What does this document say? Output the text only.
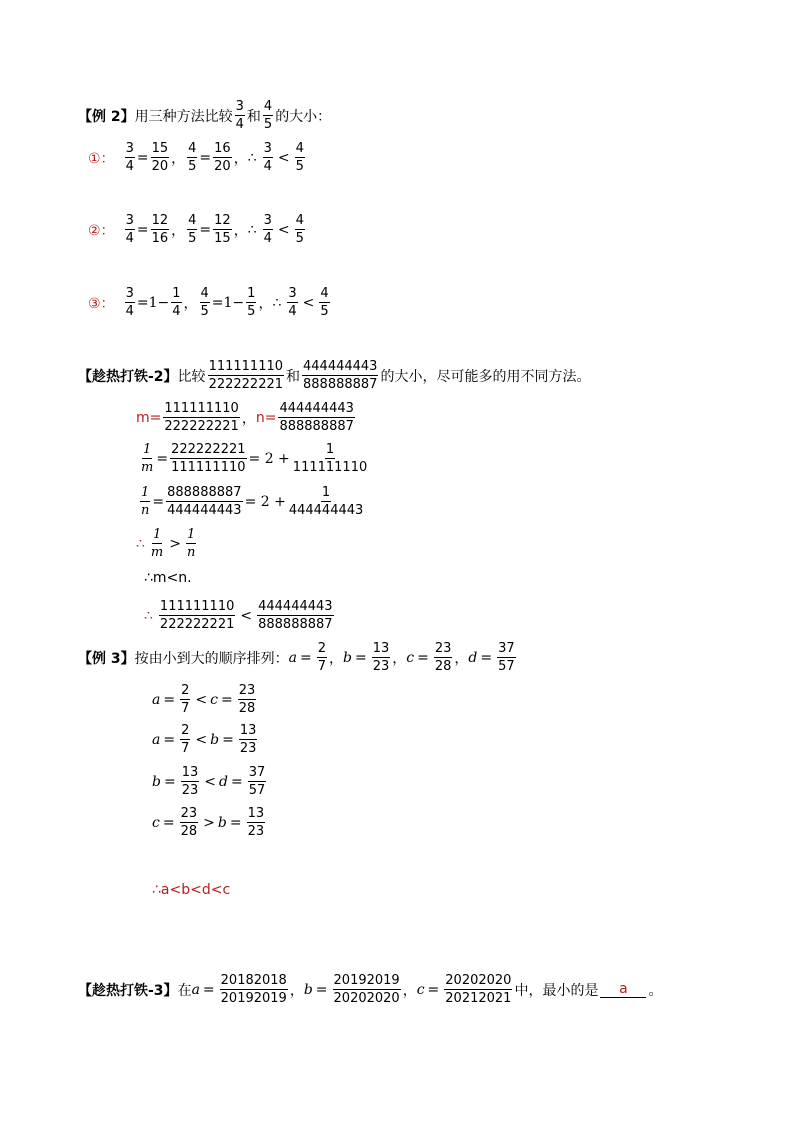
【例 2】 用三种方法比较 $\frac{3}{4}$ 和 $\frac{4}{5}$ 的大小：
①： $\frac{3}{4} = \frac{15}{20}$ ， $\frac{4}{5} = \frac{16}{20}$ ， ∴ $\frac{3}{4} < \frac{4}{5}$
②： $\frac{3}{4} = \frac{12}{16}$ ， $\frac{4}{5} = \frac{12}{15}$ ， ∴ $\frac{3}{4} < \frac{4}{5}$
③： $\frac{3}{4} =1- \frac{1}{4}$ ， $\frac{4}{5} =1- \frac{1}{5}$ ， ∴ $\frac{3}{4} < \frac{4}{5}$
【趁热打铁-2】 比较 $\frac{111111110}{222222221}$ 和 $\frac{444444443}{888888887}$ 的大小，尽可能多的用不同方法。
$m= \frac{111111110}{222222221}$ ， $n= \frac{444444443}{888888887}$
$\frac{1}{m} = \frac{222222221}{111111110} = 2 + \frac{1}{111111110}$
$\frac{1}{n} = \frac{888888887}{444444443} = 2 + \frac{1}{444444443}$
∴ $\frac{1}{m} > \frac{1}{n}$
∴m<n.
∴ $\frac{111111110}{222222221} < \frac{444444443}{888888887}$
【例 3】 按由小到大的顺序排列： $a = \frac{2}{7}$ ， $b = \frac{13}{23}$ ， $c = \frac{23}{28}$ ， $d = \frac{37}{57}$
$a = \frac{2}{7} < c = \frac{23}{28}$
$a = \frac{2}{7} < b = \frac{13}{23}$
$b = \frac{13}{23} < d = \frac{37}{57}$
$c = \frac{23}{28} > b = \frac{13}{23}$
∴a<b<d<c
【趁热打铁-3】 在 $a = \frac{20182018}{20192019}$ ， $b = \frac{20192019}{20202020}$ ， $c = \frac{20202020}{20212021}$ 中，最小的是	a	。
